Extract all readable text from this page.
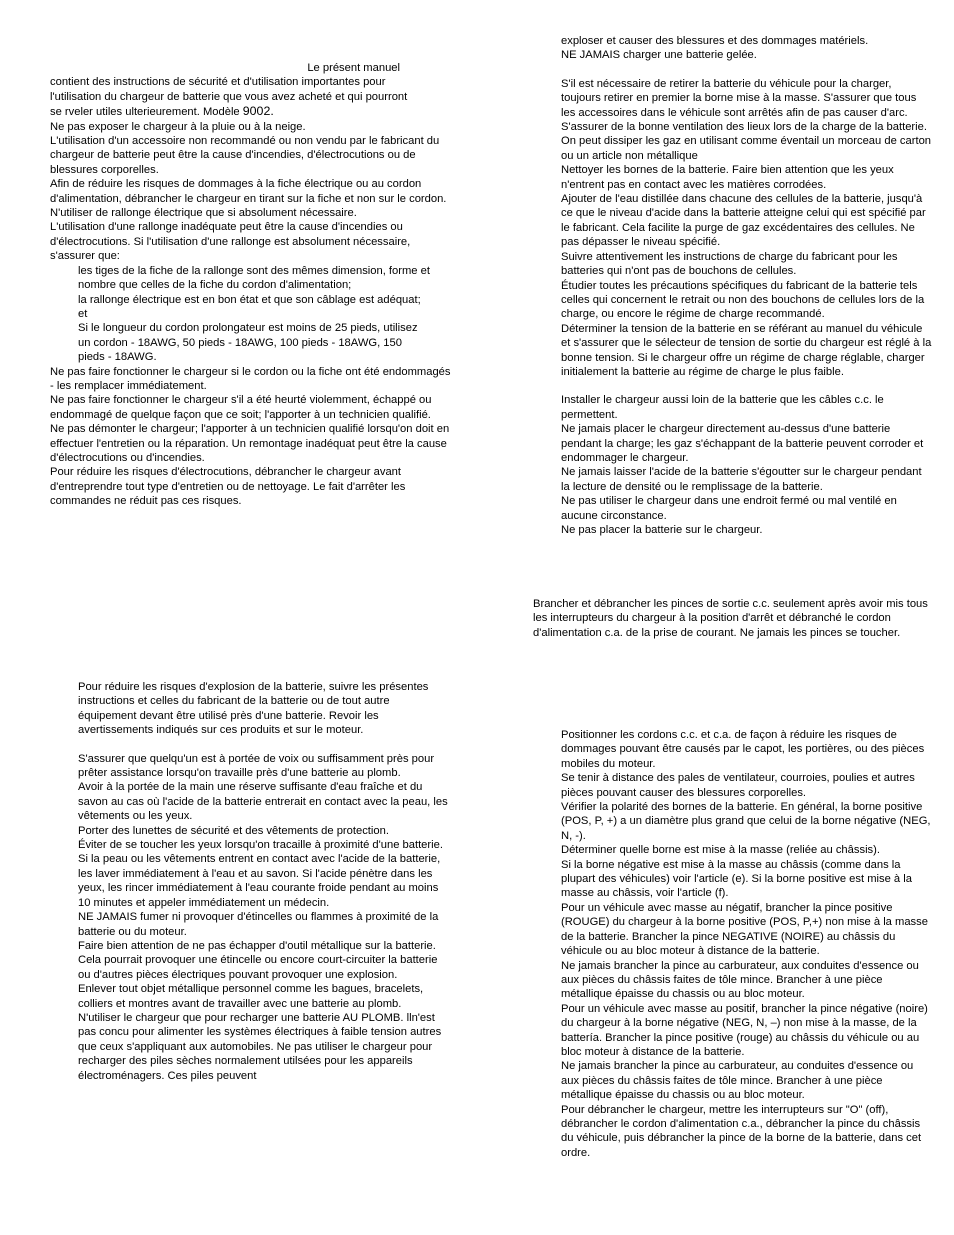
Le présent manuel

contient des instructions de sécurité et d'utilisation importantes pour

l'utilisation du chargeur de batterie que vous avez acheté et qui pourront

se rveler utiles ulterieurement. Modèle 9002.

Ne pas exposer le chargeur à la pluie ou à la neige.

L'utilisation d'un accessoire non recommandé ou non vendu par le fabricant du chargeur de batterie peut être la cause d'incendies, d'électrocutions ou de blessures corporelles.

Afin de réduire les risques de dommages à la fiche électrique ou au cordon d'alimentation, débrancher le chargeur en tirant sur la fiche et non sur le cordon.

N'utiliser de rallonge électrique que si absolument nécessaire.

L'utilisation d'une rallonge inadéquate peut être la cause d'incendies ou d'électrocutions. Si l'utilisation d'une rallonge est absolument nécessaire, s'assurer que:

les tiges de la fiche de la rallonge sont des mêmes dimension, forme et nombre que celles de la fiche du cordon d'alimentation;

la rallonge électrique est en bon état et que son câblage est adéquat; et

Si le longueur du cordon prolongateur est moins de 25 pieds, utilisez un cordon - 18AWG, 50 pieds - 18AWG, 100 pieds - 18AWG, 150 pieds - 18AWG.

Ne pas faire fonctionner le chargeur si le cordon ou la fiche ont été endommagés - les remplacer immédiatement.

Ne pas faire fonctionner le chargeur s'il a été heurté violemment, échappé ou endommagé de quelque façon que ce soit; l'apporter à un technicien qualifié.

Ne pas démonter le chargeur; l'apporter à un technicien qualifié lorsqu'on doit en effectuer l'entretien ou la réparation. Un remontage inadéquat peut être la cause d'électrocutions ou d'incendies.

Pour réduire les risques d'électrocutions, débrancher le chargeur avant d'entreprendre tout type d'entretien ou de nettoyage. Le fait d'arrêter les commandes ne réduit pas ces risques.

Pour réduire les risques d'explosion de la batterie, suivre les présentes instructions et celles du fabricant de la batterie ou de tout autre équipement devant être utilisé près d'une batterie. Revoir les avertissements indiqués sur ces produits et sur le moteur.

S'assurer que quelqu'un est à portée de voix ou suffisamment près pour prêter assistance lorsqu'on travaille près d'une batterie au plomb.

Avoir à la portée de la main une réserve suffisante d'eau fraîche et du savon au cas où l'acide de la batterie entrerait en contact avec la peau, les vêtements ou les yeux.

Porter des lunettes de sécurité et des vêtements de protection.

Éviter de se toucher les yeux lorsqu'on tracaille à proximité d'une batterie.

Si la peau ou les vêtements entrent en contact avec l'acide de la batterie, les laver immédiatement à l'eau et au savon. Si l'acide pénètre dans les yeux, les rincer immédiatement à l'eau courante froide pendant au moins 10 minutes et appeler immédiatement un médecin.

NE JAMAIS fumer ni provoquer d'étincelles ou flammes à proximité de la batterie ou du moteur.

Faire bien attention de ne pas échapper d'outil métallique sur la batterie. Cela pourrait provoquer une étincelle ou encore court-circuiter la batterie ou d'autres pièces électriques pouvant provoquer une explosion.

Enlever tout objet métallique personnel comme les bagues, bracelets, colliers et montres avant de travailler avec une batterie au plomb.

N'utiliser le chargeur que pour recharger une batterie AU PLOMB. lln'est pas concu pour alimenter les systèmes électriques à faible tension autres que ceux s'appliquant aux automobiles. Ne pas utiliser le chargeur pour recharger des piles sèches normalement utilsées pour les appareils électroménagers. Ces piles peuvent

exploser et causer des blessures et des dommages matériels.

NE JAMAIS charger une batterie gelée.

S'il est nécessaire de retirer la batterie du véhicule pour la charger, toujours retirer en premier la borne mise à la masse. S'assurer que tous les accessoires dans le véhicule sont arrêtés afin de pas causer d'arc.

S'assurer de la bonne ventilation des lieux lors de la charge de la batterie. On peut dissiper les gaz en utilisant comme éventail un morceau de carton ou un article non métallique

Nettoyer les bornes de la batterie. Faire bien attention que les yeux n'entrent pas en contact avec les matières corrodées.

Ajouter de l'eau distillée dans chacune des cellules de la batterie, jusqu'à ce que le niveau d'acide dans la batterie atteigne celui qui est spécifié par le fabricant. Cela facilite la purge de gaz excédentaires des cellules. Ne pas dépasser le niveau spécifié.

Suivre attentivement les instructions de charge du fabricant pour les batteries qui n'ont pas de bouchons de cellules.

Étudier toutes les précautions spécifiques du fabricant de la batterie tels celles qui concernent le retrait ou non des bouchons de cellules lors de la charge, ou encore le régime de charge recommandé.

Déterminer la tension de la batterie en se référant au manuel du véhicule et s'assurer que le sélecteur de tension de sortie du chargeur est réglé à la bonne tension. Si le chargeur offre un régime de charge réglable, charger initialement la batterie au régime de charge le plus faible.

Installer le chargeur aussi loin de la batterie que les câbles c.c. le permettent.

Ne jamais placer le chargeur directement au-dessus d'une batterie pendant la charge; les gaz s'échappant de la batterie peuvent corroder et endommager le chargeur.

Ne jamais laisser l'acide de la batterie s'égoutter sur le chargeur pendant la lecture de densité ou le remplissage de la batterie.

Ne pas utiliser le chargeur dans une endroit fermé ou mal ventilé en aucune circonstance.

Ne pas placer la batterie sur le chargeur.

Brancher et débrancher les pinces de sortie c.c. seulement après avoir mis tous les interrupteurs du chargeur à la position d'arrêt et débranché le cordon d'alimentation c.a. de la prise de courant. Ne jamais les pinces se toucher.

Positionner les cordons c.c. et c.a. de façon à réduire les risques de dommages pouvant être causés par le capot, les portières, ou des pièces mobiles du moteur.

Se tenir à distance des pales de ventilateur, courroies, poulies et autres pièces pouvant causer des blessures corporelles.

Vérifier la polarité des bornes de la batterie. En général, la borne positive (POS, P, +) a un diamètre plus grand que celui de la borne négative (NEG, N, -).

Déterminer quelle borne est mise à la masse (reliée au châssis).

Si la borne négative est mise à la masse au châssis (comme dans la plupart des véhicules) voir l'article (e). Si la borne positive est mise à la masse au châssis, voir l'article (f).

Pour un véhicule avec masse au négatif, brancher la pince positive (ROUGE) du chargeur à la borne positive (POS, P,+) non mise à la masse de la batterie. Brancher la pince NEGATIVE (NOIRE) au châssis du véhicule ou au bloc moteur à distance de la batterie.

Ne jamais brancher la pince au carburateur, aux conduites d'essence ou aux pièces du châssis faites de tôle mince. Brancher à une pièce métallique épaisse du chassis ou au bloc moteur.

Pour un véhicule avec masse au positif, brancher la pince négative (noire) du chargeur à la borne négative (NEG, N, –) non mise à la masse, de la battería. Brancher la pince positive (rouge) au châssis du véhicule ou au bloc moteur à distance de la batterie.

Ne jamais brancher la pince au carburateur, au conduites d'essence ou aux pièces du châssis faites de tôle mince. Brancher à une pièce métallique épaisse du chassis ou au bloc moteur.

Pour débrancher le chargeur, mettre les interrupteurs sur "O" (off), débrancher le cordon d'alimentation c.a., débrancher la pince du châssis du véhicule, puis débrancher la pince de la borne de la batterie, dans cet ordre.
